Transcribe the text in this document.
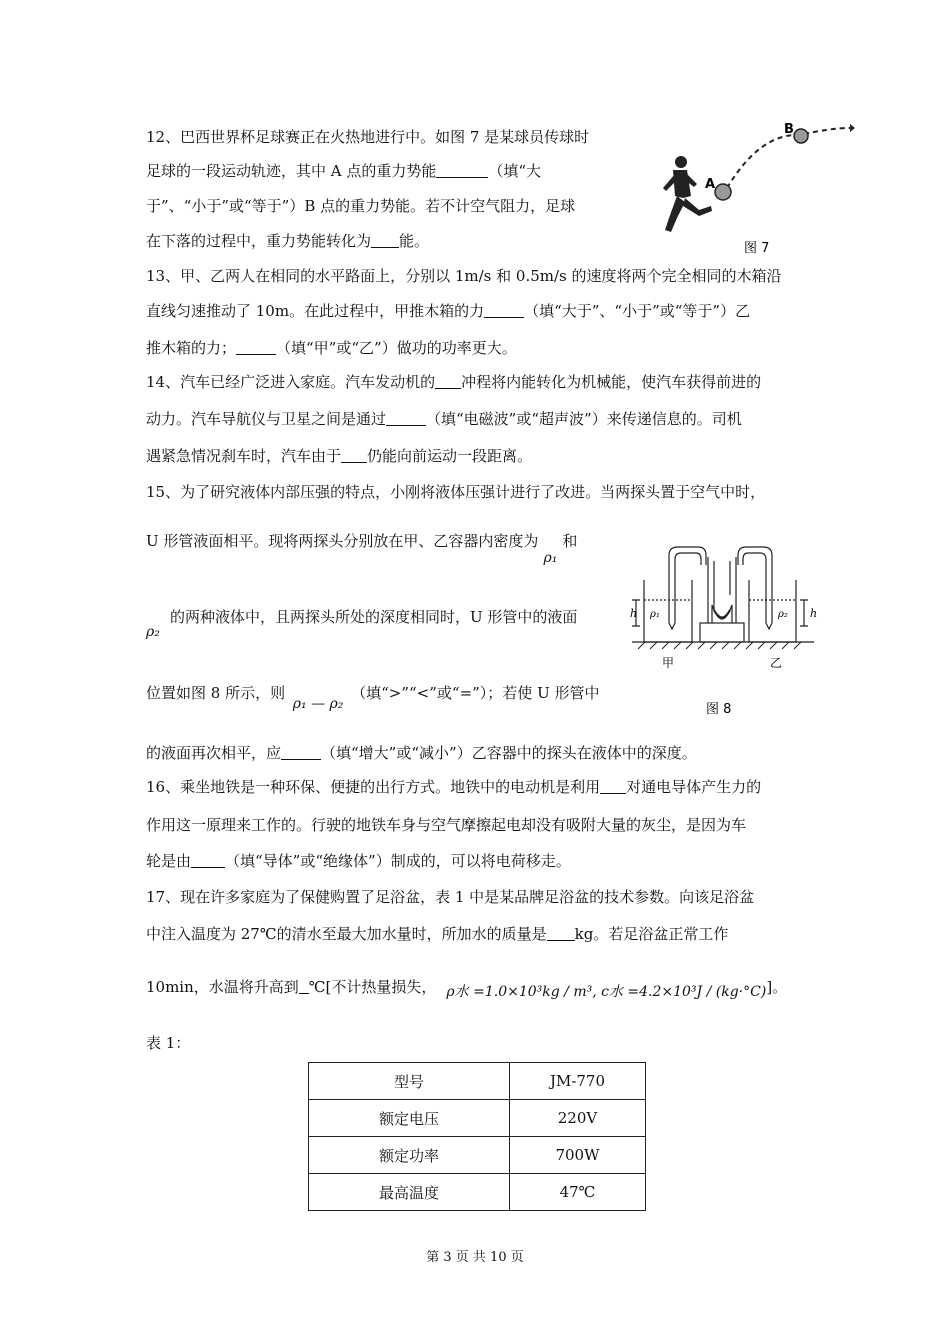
12、巴西世界杯足球赛正在火热地进行中。如图 7 是某球员传球时
足球的一段运动轨迹，其中 A 点的重力势能	（填“大
于”、“小于”或“等于”）B 点的重力势能。若不计空气阻力，足球
在下落的过程中，重力势能转化为 能。
A
B
图 7
13、甲、乙两人在相同的水平路面上，分别以 1m/s 和 0.5m/s 的速度将两个完全相同的木箱沿
直线匀速推动了 10m。在此过程中，甲推木箱的力	（填“大于”、“小于”或“等于”）乙
推木箱的力；	（填“甲”或“乙”）做功的功率更大。
14、汽车已经广泛进入家庭。汽车发动机的 冲程将内能转化为机械能，使汽车获得前进的
动力。汽车导航仪与卫星之间是通过	（填“电磁波”或“超声波”）来传递信息的。司机
遇紧急情况刹车时，汽车由于 仍能向前运动一段距离。
15、为了研究液体内部压强的特点，小刚将液体压强计进行了改进。当两探头置于空气中时，
U 形管液面相平。现将两探头分别放在甲、乙容器内密度为ρ₁和
ρ₂的两种液体中，且两探头所处的深度相同时，U 形管中的液面
位置如图 8 所示，则ρ₁ — ρ₂（填“>”“<”或“=”）；若使 U 形管中
的液面再次相平，应	（填“增大”或“减小”）乙容器中的探头在液体中的深度。
h	h
ρ₁	ρ₂
甲	乙
图 8
16、乘坐地铁是一种环保、便捷的出行方式。地铁中的电动机是利用 对通电导体产生力的
作用这一原理来工作的。行驶的地铁车身与空气摩擦起电却没有吸附大量的灰尘，是因为车
轮是由 （填“导体”或“绝缘体”）制成的，可以将电荷移走。
17、现在许多家庭为了保健购置了足浴盆，表 1 中是某品牌足浴盆的技术参数。向该足浴盆
中注入温度为 27℃的清水至最大加水量时，所加水的质量是 kg。若足浴盆正常工作
10min，水温将升高到 ℃[不计热量损失， ρ水 =1.0×10³kg / m³, c水 =4.2×10³J / (kg·°C)]。
表 1：
型号	JM-770
额定电压	220V
额定功率	700W
最高温度	47℃
第 3 页 共 10 页
